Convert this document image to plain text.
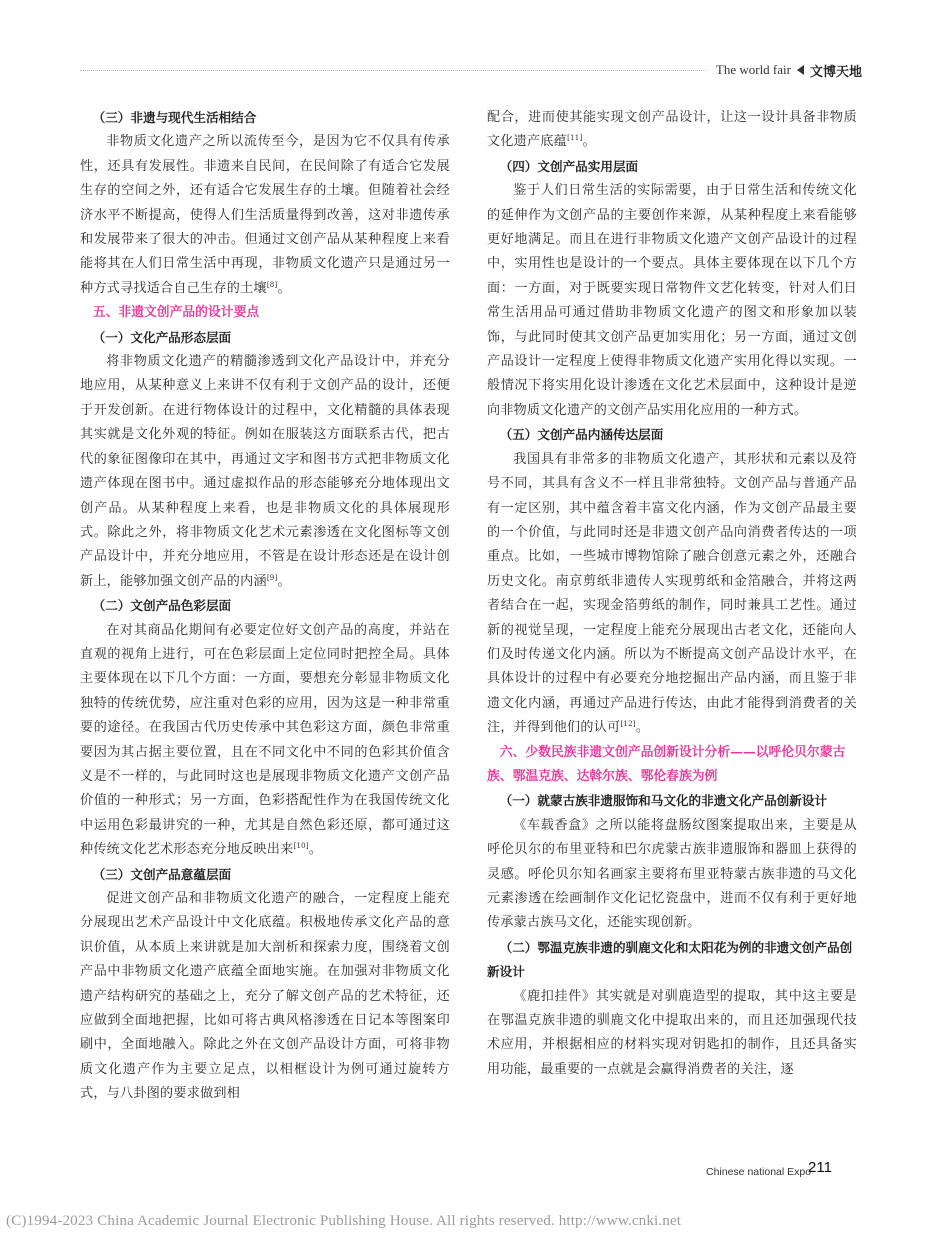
The world fair 文博天地

（三）非遗与现代生活相结合

非物质文化遗产之所以流传至今，是因为它不仅具有传承性，还具有发展性。非遗来自民间，在民间除了有适合它发展生存的空间之外，还有适合它发展生存的土壤。但随着社会经济水平不断提高，使得人们生活质量得到改善，这对非遗传承和发展带来了很大的冲击。但通过文创产品从某种程度上来看能将其在人们日常生活中再现，非物质文化遗产只是通过另一种方式寻找适合自己生存的土壤[8]。

五、非遗文创产品的设计要点

（一）文化产品形态层面

将非物质文化遗产的精髓渗透到文化产品设计中，并充分地应用，从某种意义上来讲不仅有利于文创产品的设计，还便于开发创新。在进行物体设计的过程中，文化精髓的具体表现其实就是文化外观的特征。例如在服装这方面联系古代，把古代的象征图像印在其中，再通过文字和图书方式把非物质文化遗产体现在图书中。通过虚拟作品的形态能够充分地体现出文创产品。从某种程度上来看，也是非物质文化的具体展现形式。除此之外，将非物质文化艺术元素渗透在文化图标等文创产品设计中，并充分地应用，不管是在设计形态还是在设计创新上，能够加强文创产品的内涵[9]。

（二）文创产品色彩层面

在对其商品化期间有必要定位好文创产品的高度，并站在直观的视角上进行，可在色彩层面上定位同时把控全局。具体主要体现在以下几个方面：一方面，要想充分彰显非物质文化独特的传统优势，应注重对色彩的应用，因为这是一种非常重要的途径。在我国古代历史传承中其色彩这方面，颜色非常重要因为其占据主要位置，且在不同文化中不同的色彩其价值含义是不一样的，与此同时这也是展现非物质文化遗产文创产品价值的一种形式；另一方面，色彩搭配性作为在我国传统文化中运用色彩最讲究的一种，尤其是自然色彩还原，都可通过这种传统文化艺术形态充分地反映出来[10]。

（三）文创产品意蕴层面

促进文创产品和非物质文化遗产的融合，一定程度上能充分展现出艺术产品设计中文化底蕴。积极地传承文化产品的意识价值，从本质上来讲就是加大剖析和探索力度，围绕着文创产品中非物质文化遗产底蕴全面地实施。在加强对非物质文化遗产结构研究的基础之上，充分了解文创产品的艺术特征，还应做到全面地把握，比如可将古典风格渗透在日记本等图案印刷中，全面地融入。除此之外在文创产品设计方面，可将非物质文化遗产作为主要立足点，以相框设计为例可通过旋转方式，与八卦图的要求做到相

配合，进而使其能实现文创产品设计，让这一设计具备非物质文化遗产底蕴[11]。

（四）文创产品实用层面

鉴于人们日常生活的实际需要，由于日常生活和传统文化的延伸作为文创产品的主要创作来源，从某种程度上来看能够更好地满足。而且在进行非物质文化遗产文创产品设计的过程中，实用性也是设计的一个要点。具体主要体现在以下几个方面：一方面，对于既要实现日常物件文艺化转变，针对人们日常生活用品可通过借助非物质文化遗产的图文和形象加以装饰，与此同时使其文创产品更加实用化；另一方面，通过文创产品设计一定程度上使得非物质文化遗产实用化得以实现。一般情况下将实用化设计渗透在文化艺术层面中，这种设计是逆向非物质文化遗产的文创产品实用化应用的一种方式。

（五）文创产品内涵传达层面

我国具有非常多的非物质文化遗产，其形状和元素以及符号不同，其具有含义不一样且非常独特。文创产品与普通产品有一定区别，其中蕴含着丰富文化内涵，作为文创产品最主要的一个价值，与此同时还是非遗文创产品向消费者传达的一项重点。比如，一些城市博物馆除了融合创意元素之外，还融合历史文化。南京剪纸非遗传人实现剪纸和金箔融合，并将这两者结合在一起，实现金箔剪纸的制作，同时兼具工艺性。通过新的视觉呈现，一定程度上能充分展现出古老文化，还能向人们及时传递文化内涵。所以为不断提高文创产品设计水平，在具体设计的过程中有必要充分地挖掘出产品内涵，而且鉴于非遗文化内涵，再通过产品进行传达，由此才能得到消费者的关注，并得到他们的认可[12]。

六、少数民族非遗文创产品创新设计分析——以呼伦贝尔蒙古族、鄂温克族、达斡尔族、鄂伦春族为例

（一）就蒙古族非遗服饰和马文化的非遗文化产品创新设计

《车载香盒》之所以能将盘肠纹图案提取出来，主要是从呼伦贝尔的布里亚特和巴尔虎蒙古族非遗服饰和器皿上获得的灵感。呼伦贝尔知名画家主要将布里亚特蒙古族非遗的马文化元素渗透在绘画制作文化记忆瓷盘中，进而不仅有利于更好地传承蒙古族马文化，还能实现创新。

（二）鄂温克族非遗的驯鹿文化和太阳花为例的非遗文创产品创新设计

《鹿扣挂件》其实就是对驯鹿造型的提取，其中这主要是在鄂温克族非遗的驯鹿文化中提取出来的，而且还加强现代技术应用，并根据相应的材料实现对钥匙扣的制作，且还具备实用功能，最重要的一点就是会赢得消费者的关注，逐

Chinese national Expo
211
(C)1994-2023 China Academic Journal Electronic Publishing House. All rights reserved. http://www.cnki.net
